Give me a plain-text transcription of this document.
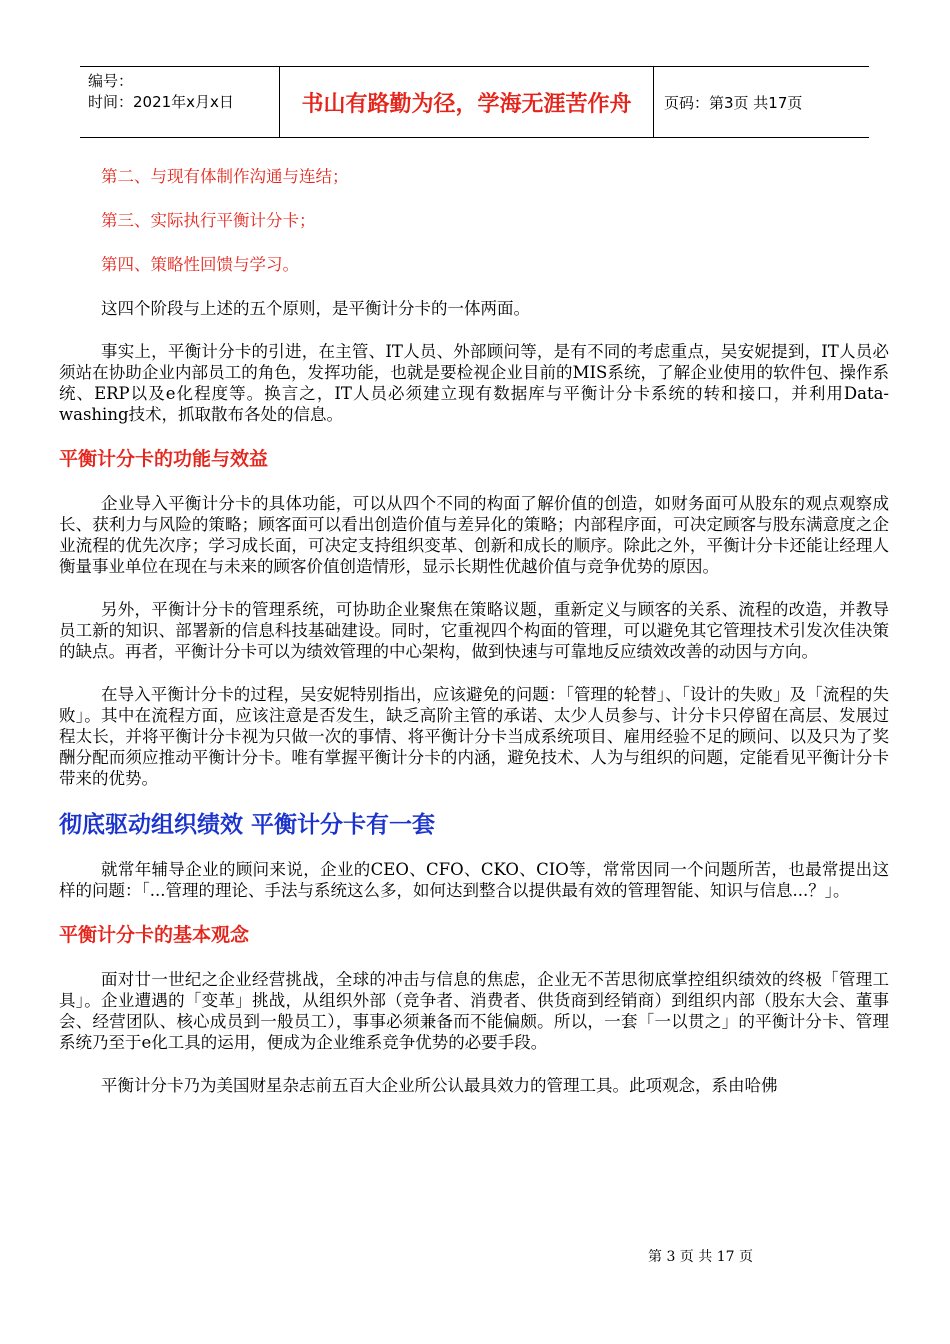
编号：
时间：2021年x月x日	书山有路勤为径，学海无涯苦作舟	页码：第3页 共17页

第二、与现有体制作沟通与连结；

第三、实际执行平衡计分卡；

第四、策略性回馈与学习。

这四个阶段与上述的五个原则，是平衡计分卡的一体两面。

事实上，平衡计分卡的引进，在主管、IT人员、外部顾问等，是有不同的考虑重点，吴安妮提到，IT人员必须站在协助企业内部员工的角色，发挥功能，也就是要检视企业目前的MIS系统，了解企业使用的软件包、操作系统、ERP以及e化程度等。换言之，IT人员必须建立现有数据库与平衡计分卡系统的转和接口，并利用Data-washing技术，抓取散布各处的信息。

平衡计分卡的功能与效益

企业导入平衡计分卡的具体功能，可以从四个不同的构面了解价值的创造，如财务面可从股东的观点观察成长、获利力与风险的策略；顾客面可以看出创造价值与差异化的策略；内部程序面，可决定顾客与股东满意度之企业流程的优先次序；学习成长面，可决定支持组织变革、创新和成长的顺序。除此之外，平衡计分卡还能让经理人衡量事业单位在现在与未来的顾客价值创造情形，显示长期性优越价值与竞争优势的原因。

另外，平衡计分卡的管理系统，可协助企业聚焦在策略议题，重新定义与顾客的关系、流程的改造，并教导员工新的知识、部署新的信息科技基础建设。同时，它重视四个构面的管理，可以避免其它管理技术引发次佳决策的缺点。再者，平衡计分卡可以为绩效管理的中心架构，做到快速与可靠地反应绩效改善的动因与方向。

在导入平衡计分卡的过程，吴安妮特别指出，应该避免的问题：「管理的轮替」、「设计的失败」及「流程的失败」。其中在流程方面，应该注意是否发生，缺乏高阶主管的承诺、太少人员参与、计分卡只停留在高层、发展过程太长，并将平衡计分卡视为只做一次的事情、将平衡计分卡当成系统项目、雇用经验不足的顾问、以及只为了奖酬分配而须应推动平衡计分卡。唯有掌握平衡计分卡的内涵，避免技术、人为与组织的问题，定能看见平衡计分卡带来的优势。

彻底驱动组织绩效 平衡计分卡有一套

就常年辅导企业的顾问来说，企业的CEO、CFO、CKO、CIO等，常常因同一个问题所苦，也最常提出这样的问题：「...管理的理论、手法与系统这么多，如何达到整合以提供最有效的管理智能、知识与信息...？」。

平衡计分卡的基本观念

面对廿一世纪之企业经营挑战，全球的冲击与信息的焦虑，企业无不苦思彻底掌控组织绩效的终极「管理工具」。企业遭遇的「变革」挑战，从组织外部（竞争者、消费者、供货商到经销商）到组织内部（股东大会、董事会、经营团队、核心成员到一般员工），事事必须兼备而不能偏颇。所以，一套「一以贯之」的平衡计分卡、管理系统乃至于e化工具的运用，便成为企业维系竞争优势的必要手段。

平衡计分卡乃为美国财星杂志前五百大企业所公认最具效力的管理工具。此项观念，系由哈佛

第 3 页 共 17 页
